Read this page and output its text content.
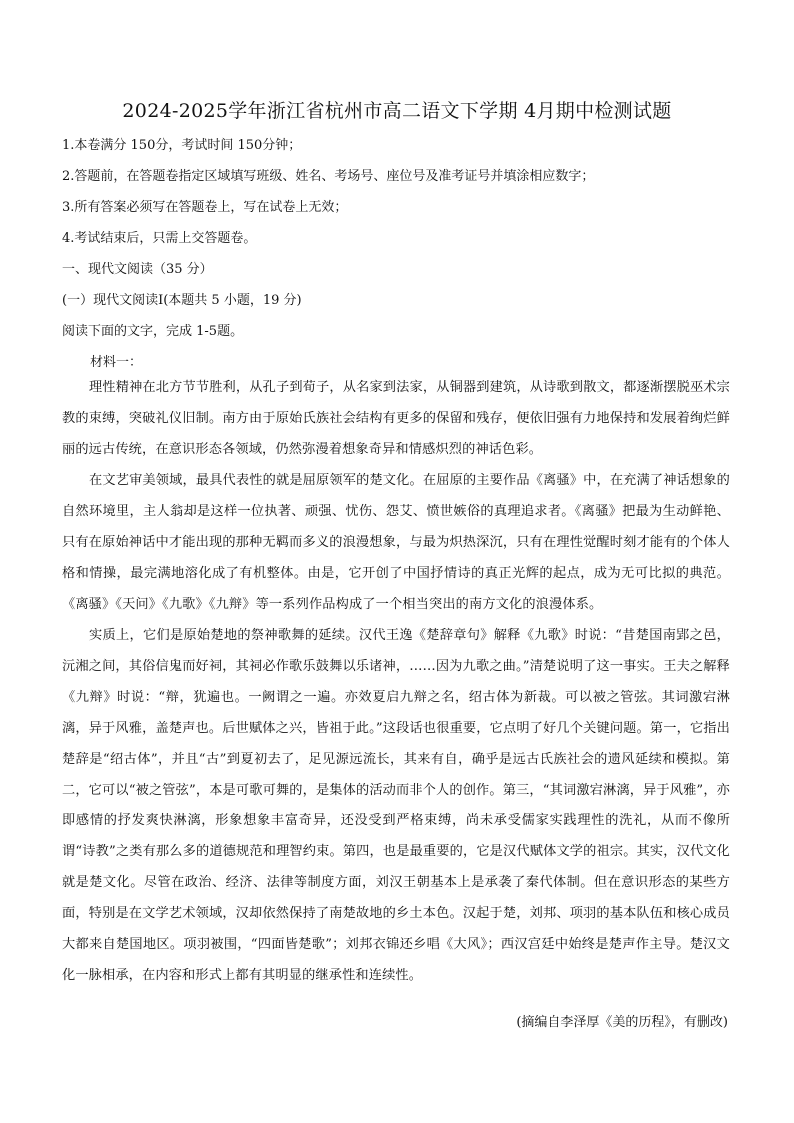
2024-2025学年浙江省杭州市高二语文下学期 4月期中检测试题
1.本卷满分 150分，考试时间 150分钟；
2.答题前，在答题卷指定区域填写班级、姓名、考场号、座位号及准考证号并填涂相应数字；
3.所有答案必须写在答题卷上，写在试卷上无效；
4.考试结束后，只需上交答题卷。
一、现代文阅读（35 分）
(一）现代文阅读Ⅰ(本题共 5 小题，19 分)
阅读下面的文字，完成 1-5题。
材料一：

理性精神在北方节节胜利，从孔子到荀子，从名家到法家，从铜器到建筑，从诗歌到散文，都逐渐摆脱巫术宗教的束缚，突破礼仪旧制。南方由于原始氏族社会结构有更多的保留和残存，便依旧强有力地保持和发展着绚烂鲜丽的远古传统，在意识形态各领域，仍然弥漫着想象奇异和情感炽烈的神话色彩。

在文艺审美领域，最具代表性的就是屈原领军的楚文化。在屈原的主要作品《离骚》中，在充满了神话想象的自然环境里，主人翁却是这样一位执著、顽强、忧伤、怨艾、愤世嫉俗的真理追求者。《离骚》把最为生动鲜艳、只有在原始神话中才能出现的那种无羁而多义的浪漫想象，与最为炽热深沉，只有在理性觉醒时刻才能有的个体人格和情操，最完满地溶化成了有机整体。由是，它开创了中国抒情诗的真正光辉的起点，成为无可比拟的典范。《离骚》《天问》《九歌》《九辩》等一系列作品构成了一个相当突出的南方文化的浪漫体系。

实质上，它们是原始楚地的祭神歌舞的延续。汉代王逸《楚辞章句》解释《九歌》时说：“昔楚国南郢之邑，沅湘之间，其俗信鬼而好祠，其祠必作歌乐鼓舞以乐诸神，……因为九歌之曲。”清楚说明了这一事实。王夫之解释《九辩》时说：“辩，犹遍也。一阙谓之一遍。亦效夏启九辩之名，绍古体为新裁。可以被之管弦。其词激宕淋漓，异于风雅，盖楚声也。后世赋体之兴，皆祖于此。”这段话也很重要，它点明了好几个关键问题。第一，它指出楚辞是“绍古体”，并且“古”到夏初去了，足见源远流长，其来有自，确乎是远古氏族社会的遗风延续和模拟。第二，它可以“被之管弦”，本是可歌可舞的，是集体的活动而非个人的创作。第三，“其词激宕淋漓，异于风雅”，亦即感情的抒发爽快淋漓，形象想象丰富奇异，还没受到严格束缚，尚未承受儒家实践理性的洗礼，从而不像所谓“诗教”之类有那么多的道德规范和理智约束。第四，也是最重要的，它是汉代赋体文学的祖宗。其实，汉代文化就是楚文化。尽管在政治、经济、法律等制度方面，刘汉王朝基本上是承袭了秦代体制。但在意识形态的某些方面，特别是在文学艺术领域，汉却依然保持了南楚故地的乡土本色。汉起于楚，刘邦、项羽的基本队伍和核心成员大都来自楚国地区。项羽被围，“四面皆楚歌”；刘邦衣锦还乡唱《大风》；西汉宫廷中始终是楚声作主导。楚汉文化一脉相承，在内容和形式上都有其明显的继承性和连续性。

(摘编自李泽厚《美的历程》，有删改)
